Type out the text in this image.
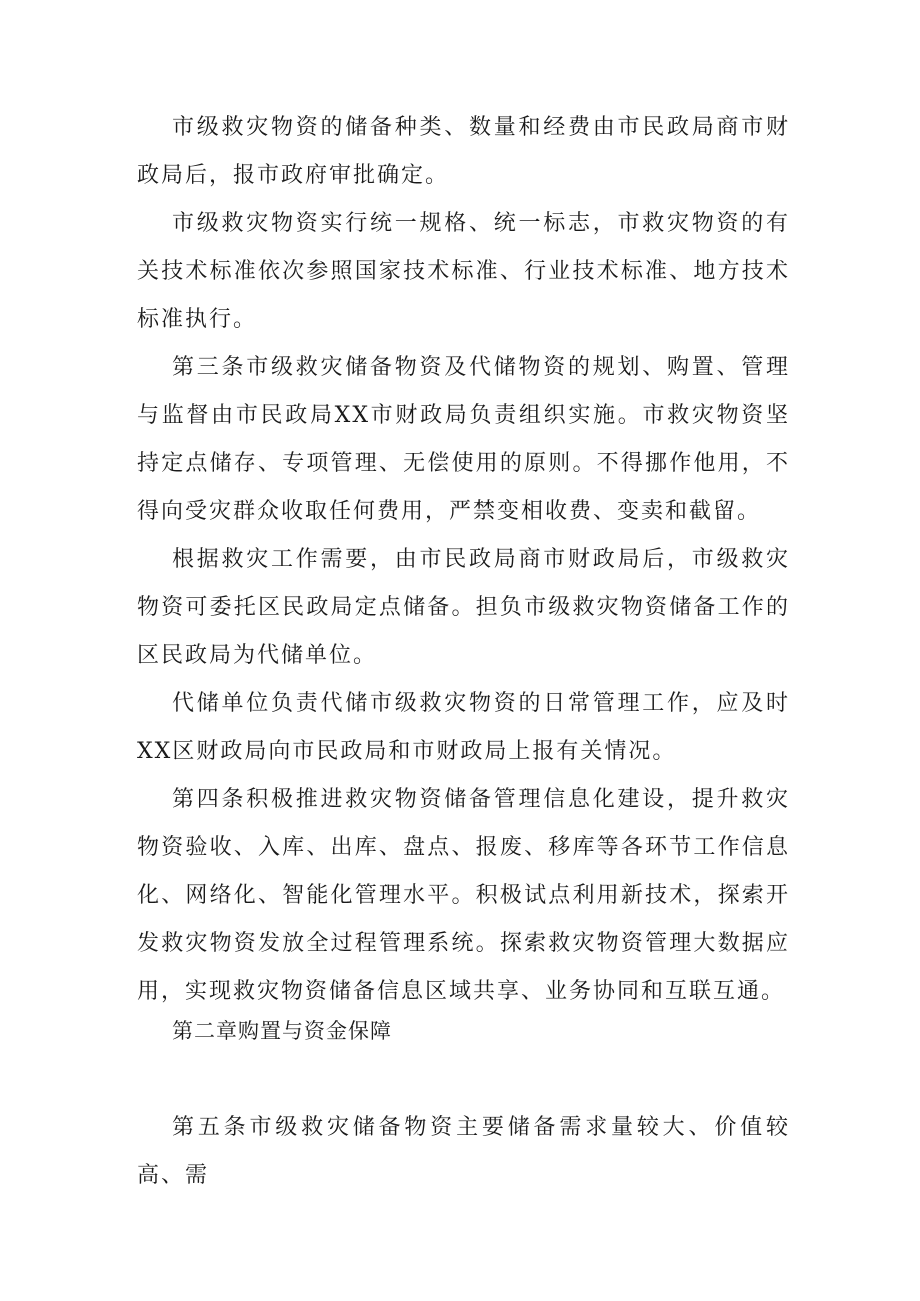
市级救灾物资的储备种类、数量和经费由市民政局商市财政局后，报市政府审批确定。

市级救灾物资实行统一规格、统一标志，市救灾物资的有关技术标准依次参照国家技术标准、行业技术标准、地方技术标准执行。

第三条市级救灾储备物资及代储物资的规划、购置、管理与监督由市民政局XX市财政局负责组织实施。市救灾物资坚持定点储存、专项管理、无偿使用的原则。不得挪作他用，不得向受灾群众收取任何费用，严禁变相收费、变卖和截留。

根据救灾工作需要，由市民政局商市财政局后，市级救灾物资可委托区民政局定点储备。担负市级救灾物资储备工作的区民政局为代储单位。

代储单位负责代储市级救灾物资的日常管理工作，应及时XX区财政局向市民政局和市财政局上报有关情况。

第四条积极推进救灾物资储备管理信息化建设，提升救灾物资验收、入库、出库、盘点、报废、移库等各环节工作信息化、网络化、智能化管理水平。积极试点利用新技术，探索开发救灾物资发放全过程管理系统。探索救灾物资管理大数据应用，实现救灾物资储备信息区域共享、业务协同和互联互通。

第二章购置与资金保障

第五条市级救灾储备物资主要储备需求量较大、价值较高、需
